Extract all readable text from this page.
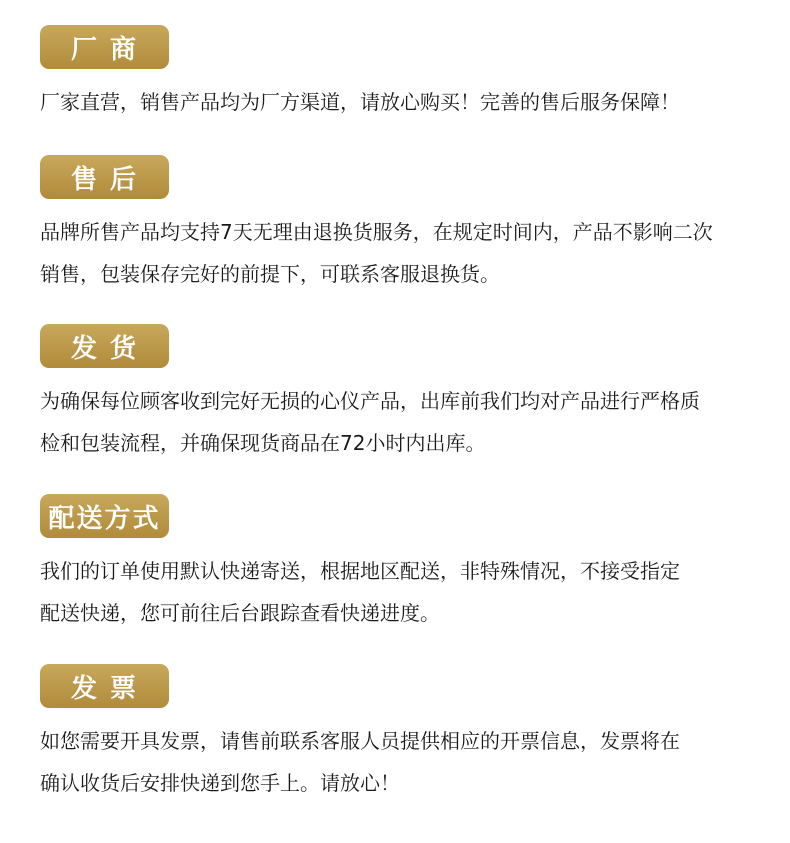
厂 商
厂家直营，销售产品均为厂方渠道，请放心购买！完善的售后服务保障！
售 后
品牌所售产品均支持7天无理由退换货服务，在规定时间内，产品不影响二次
销售，包装保存完好的前提下，可联系客服退换货。
发 货
为确保每位顾客收到完好无损的心仪产品，出库前我们均对产品进行严格质
检和包装流程，并确保现货商品在72小时内出库。
配送方式
我们的订单使用默认快递寄送，根据地区配送，非特殊情况，不接受指定
配送快递，您可前往后台跟踪查看快递进度。
发 票
如您需要开具发票，请售前联系客服人员提供相应的开票信息，发票将在
确认收货后安排快递到您手上。请放心！
